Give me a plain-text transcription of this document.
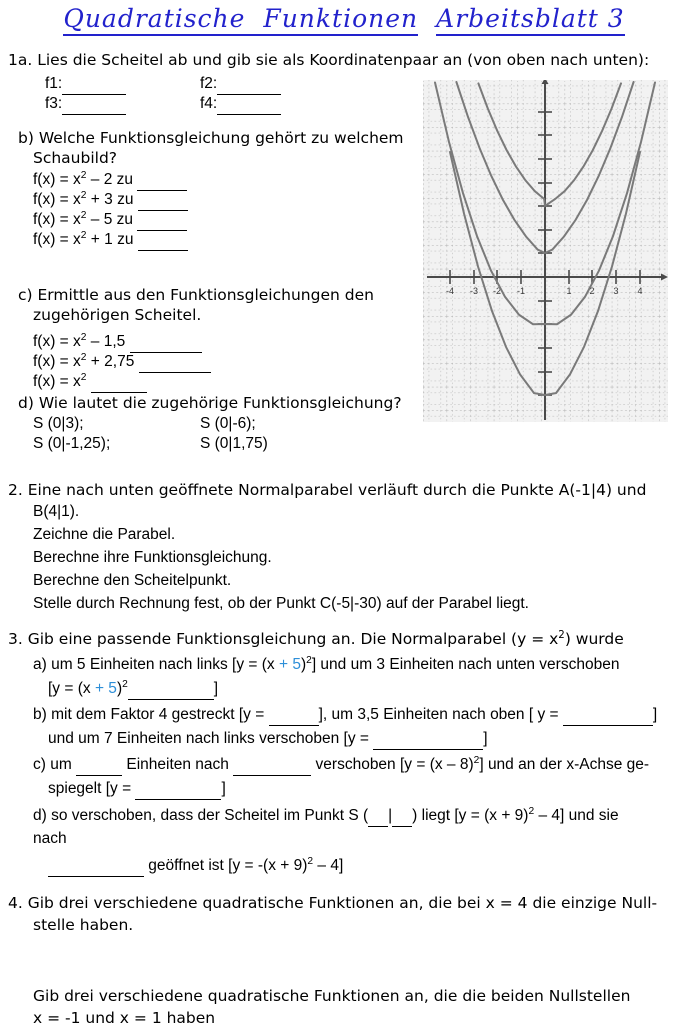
Quadratische  Funktionen Arbeitsblatt 3
1a. Lies die Scheitel ab und gib sie als Koordinatenpaar an (von oben nach unten):
f1:	f2:
f3:	f4:
b) Welche Funktionsgleichung gehört zu welchem
Schaubild?
$f(x) = x^2 - 2$ zu
$f(x) = x^2 + 3$ zu
$f(x) = x^2 - 5$ zu
$f(x) = x^2 + 1$ zu
c) Ermittle aus den Funktionsgleichungen den
zugehörigen Scheitel.
$f(x) = x^2 - 1,5$
$f(x) = x^2 + 2,75$
$f(x) = x^2$
d) Wie lautet die zugehörige Funktionsgleichung?
S (0|3);	S (0|-6);
S (0|-1,25);	S (0|1,75)
-4 -3 -2 -1	1 2 3 4
2. Eine nach unten geöffnete Normalparabel verläuft durch die Punkte A(-1|4) und
B(4|1).
Zeichne die Parabel.
Berechne ihre Funktionsgleichung.
Berechne den Scheitelpunkt.
Stelle durch Rechnung fest, ob der Punkt C(-5|-30) auf der Parabel liegt.
3. Gib eine passende Funktionsgleichung an. Die Normalparabel $(y = x^2)$ wurde
a) um 5 Einheiten nach links $[y = (x + 5)^2]$ und um 3 Einheiten nach unten verschoben
[$y = (x + 5)^2$	]
b) mit dem Faktor 4 gestreckt [y =	], um 3,5 Einheiten nach oben [ y =	]
und um 7 Einheiten nach links verschoben [y =	]
c) um	Einheiten nach	verschoben [y = (x – 8)$^2$] und an der x-Achse ge-
spiegelt [y =	]
d) so verschoben, dass der Scheitel im Punkt S ( | ) liegt $[y = (x + 9)^2 - 4]$ und sie
nach
geöffnet ist $[y = -(x + 9)^2 - 4]$
4. Gib drei verschiedene quadratische Funktionen an, die bei x = 4 die einzige Null-
stelle haben.
Gib drei verschiedene quadratische Funktionen an, die die beiden Nullstellen
x = -1 und x = 1 haben
